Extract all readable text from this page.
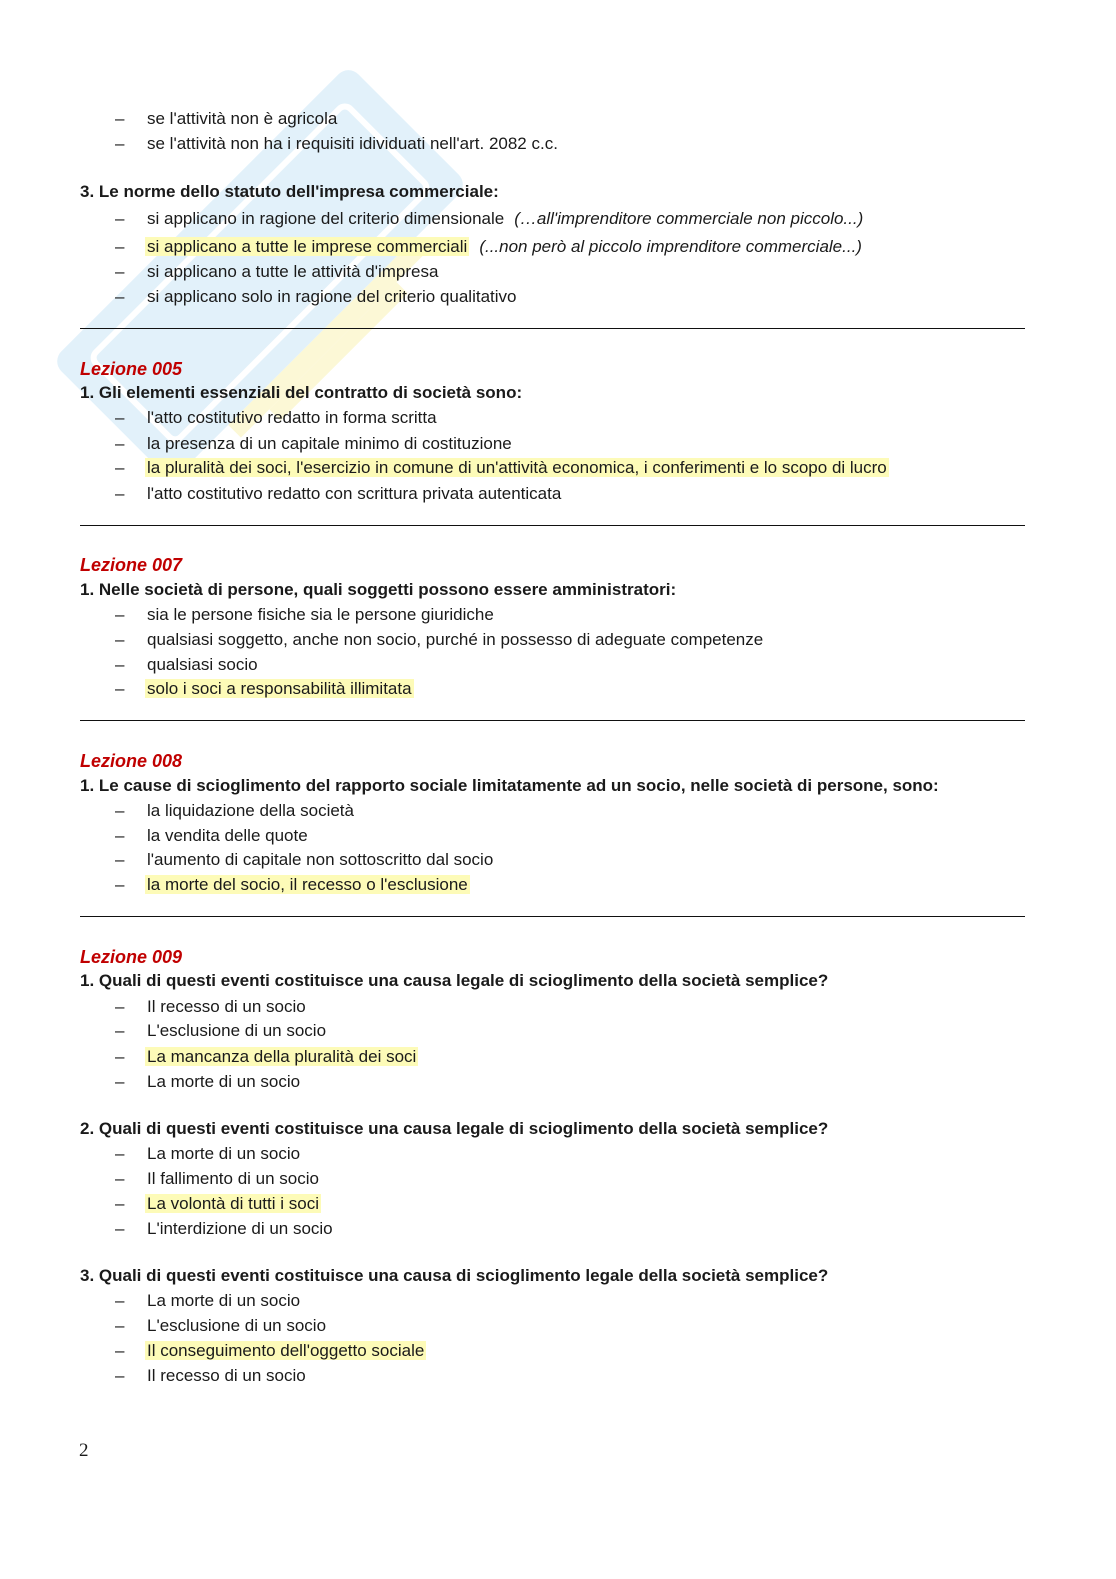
– se l'attività non è agricola
– se l'attività non ha i requisiti idividuati nell'art. 2082 c.c.
3. Le norme dello statuto dell'impresa commerciale:
– si applicano in ragione del criterio dimensionale (…all'imprenditore commerciale non piccolo...)
– si applicano a tutte le imprese commerciali (...non però al piccolo imprenditore commerciale...)
– si applicano a tutte le attività d'impresa
– si applicano solo in ragione del criterio qualitativo
Lezione 005
1. Gli elementi essenziali del contratto di società sono:
– l'atto costitutivo redatto in forma scritta
– la presenza di un capitale minimo di costituzione
– la pluralità dei soci, l'esercizio in comune di un'attività economica, i conferimenti e lo scopo di lucro
– l'atto costitutivo redatto con scrittura privata autenticata
Lezione 007
1. Nelle società di persone, quali soggetti possono essere amministratori:
– sia le persone fisiche sia le persone giuridiche
– qualsiasi soggetto, anche non socio, purché in possesso di adeguate competenze
– qualsiasi socio
– solo i soci a responsabilità illimitata
Lezione 008
1. Le cause di scioglimento del rapporto sociale limitatamente ad un socio, nelle società di persone, sono:
– la liquidazione della società
– la vendita delle quote
– l'aumento di capitale non sottoscritto dal socio
– la morte del socio, il recesso o l'esclusione
Lezione 009
1. Quali di questi eventi costituisce una causa legale di scioglimento della società semplice?
– Il recesso di un socio
– L'esclusione di un socio
– La mancanza della pluralità dei soci
– La morte di un socio
2. Quali di questi eventi costituisce una causa legale di scioglimento della società semplice?
– La morte di un socio
– Il fallimento di un socio
– La volontà di tutti i soci
– L'interdizione di un socio
3. Quali di questi eventi costituisce una causa di scioglimento legale della società semplice?
– La morte di un socio
– L'esclusione di un socio
– Il conseguimento dell'oggetto sociale
– Il recesso di un socio
2
